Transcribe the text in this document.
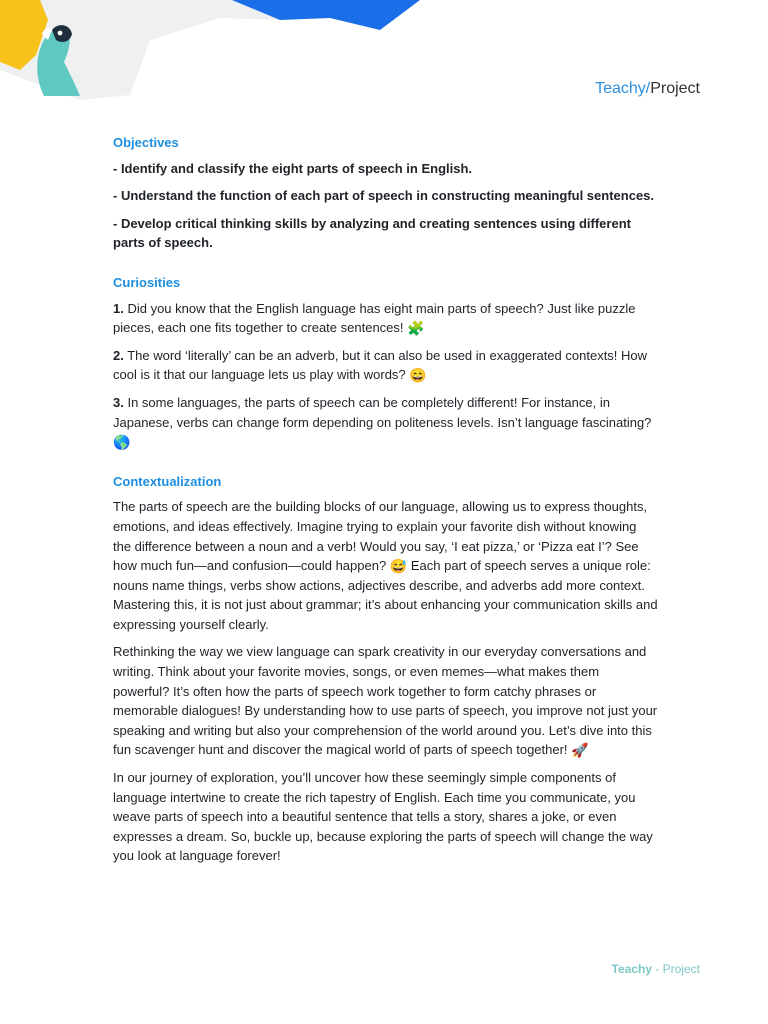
Teachy/Project
Objectives
- Identify and classify the eight parts of speech in English.
- Understand the function of each part of speech in constructing meaningful sentences.
- Develop critical thinking skills by analyzing and creating sentences using different parts of speech.
Curiosities
1. Did you know that the English language has eight main parts of speech? Just like puzzle pieces, each one fits together to create sentences! 🧩
2. The word ‘literally’ can be an adverb, but it can also be used in exaggerated contexts! How cool is it that our language lets us play with words? 😄
3. In some languages, the parts of speech can be completely different! For instance, in Japanese, verbs can change form depending on politeness levels. Isn’t language fascinating? 🌎
Contextualization
The parts of speech are the building blocks of our language, allowing us to express thoughts, emotions, and ideas effectively. Imagine trying to explain your favorite dish without knowing the difference between a noun and a verb! Would you say, ‘I eat pizza,’ or ‘Pizza eat I’? See how much fun—and confusion—could happen? 😅 Each part of speech serves a unique role: nouns name things, verbs show actions, adjectives describe, and adverbs add more context. Mastering this, it is not just about grammar; it’s about enhancing your communication skills and expressing yourself clearly.
Rethinking the way we view language can spark creativity in our everyday conversations and writing. Think about your favorite movies, songs, or even memes—what makes them powerful? It’s often how the parts of speech work together to form catchy phrases or memorable dialogues! By understanding how to use parts of speech, you improve not just your speaking and writing but also your comprehension of the world around you. Let’s dive into this fun scavenger hunt and discover the magical world of parts of speech together! 🚀
In our journey of exploration, you’ll uncover how these seemingly simple components of language intertwine to create the rich tapestry of English. Each time you communicate, you weave parts of speech into a beautiful sentence that tells a story, shares a joke, or even expresses a dream. So, buckle up, because exploring the parts of speech will change the way you look at language forever!
Teachy - Project
